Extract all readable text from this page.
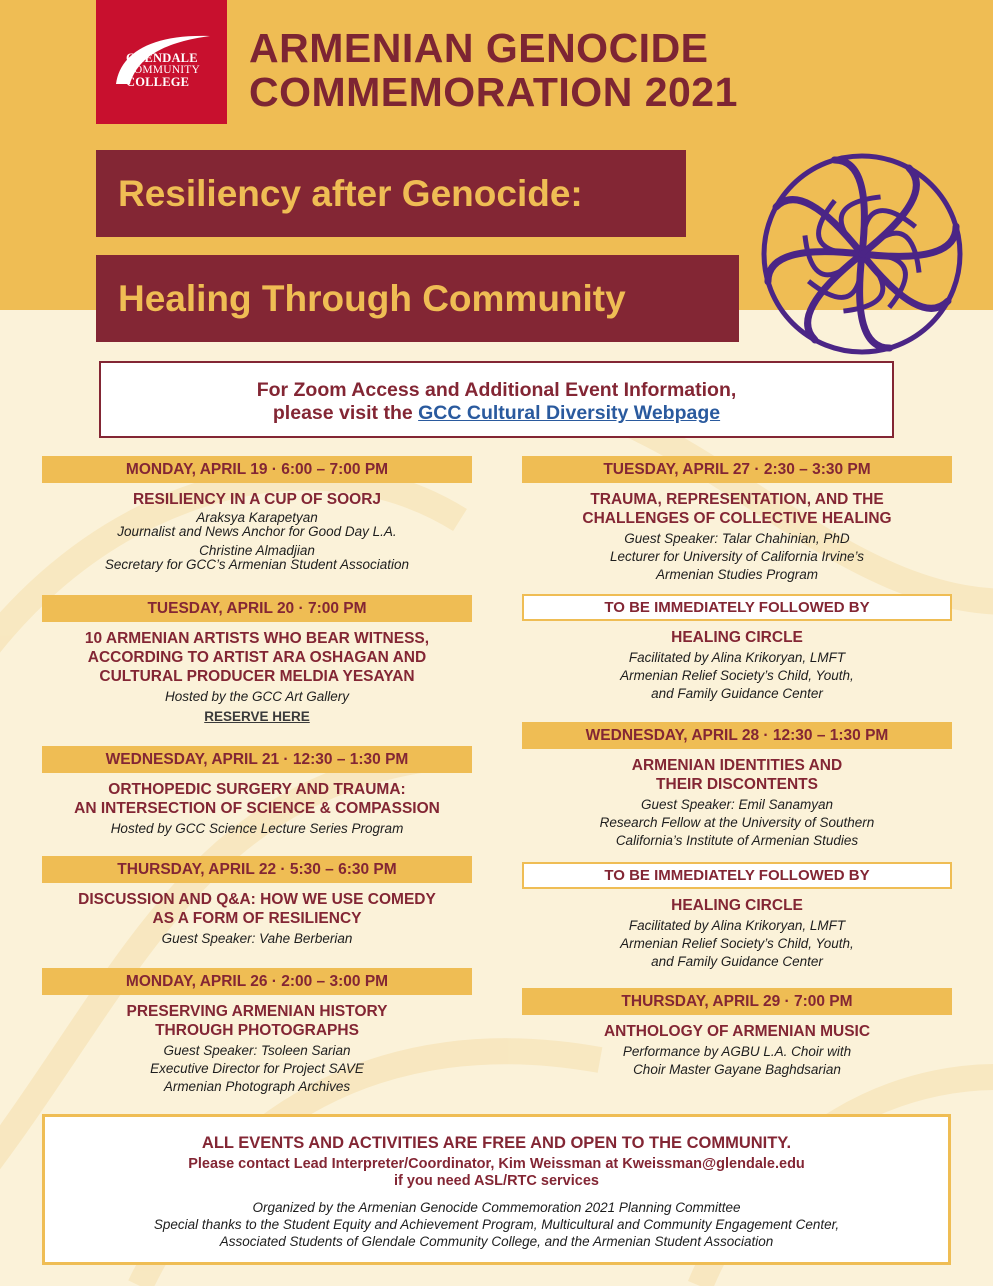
GLENDALE
COMMUNITY
COLLEGE
ARMENIAN GENOCIDE
COMMEMORATION 2021
Resiliency after Genocide:
Healing Through Community
For Zoom Access and Additional Event Information,
please visit the GCC Cultural Diversity Webpage
MONDAY, APRIL 19 · 6:00 – 7:00 PM
RESILIENCY IN A CUP OF SOORJ
Araksya Karapetyan
Journalist and News Anchor for Good Day L.A.
Christine Almadjian
Secretary for GCC’s Armenian Student Association
TUESDAY, APRIL 20 · 7:00 PM
10 ARMENIAN ARTISTS WHO BEAR WITNESS,
ACCORDING TO ARTIST ARA OSHAGAN AND
CULTURAL PRODUCER MELDIA YESAYAN
Hosted by the GCC Art Gallery
RESERVE HERE
WEDNESDAY, APRIL 21 · 12:30 – 1:30 PM
ORTHOPEDIC SURGERY AND TRAUMA:
AN INTERSECTION OF SCIENCE & COMPASSION
Hosted by GCC Science Lecture Series Program
THURSDAY, APRIL 22 · 5:30 – 6:30 PM
DISCUSSION AND Q&A: HOW WE USE COMEDY
AS A FORM OF RESILIENCY
Guest Speaker: Vahe Berberian
MONDAY, APRIL 26 · 2:00 – 3:00 PM
PRESERVING ARMENIAN HISTORY
THROUGH PHOTOGRAPHS
Guest Speaker: Tsoleen Sarian
Executive Director for Project SAVE
Armenian Photograph Archives
TUESDAY, APRIL 27 · 2:30 – 3:30 PM
TRAUMA, REPRESENTATION, AND THE
CHALLENGES OF COLLECTIVE HEALING
Guest Speaker: Talar Chahinian, PhD
Lecturer for University of California Irvine’s
Armenian Studies Program
TO BE IMMEDIATELY FOLLOWED BY
HEALING CIRCLE
Facilitated by Alina Krikoryan, LMFT
Armenian Relief Society’s Child, Youth,
and Family Guidance Center
WEDNESDAY, APRIL 28 · 12:30 – 1:30 PM
ARMENIAN IDENTITIES AND
THEIR DISCONTENTS
Guest Speaker: Emil Sanamyan
Research Fellow at the University of Southern
California’s Institute of Armenian Studies
TO BE IMMEDIATELY FOLLOWED BY
HEALING CIRCLE
Facilitated by Alina Krikoryan, LMFT
Armenian Relief Society’s Child, Youth,
and Family Guidance Center
THURSDAY, APRIL 29 · 7:00 PM
ANTHOLOGY OF ARMENIAN MUSIC
Performance by AGBU L.A. Choir with
Choir Master Gayane Baghdsarian
ALL EVENTS AND ACTIVITIES ARE FREE AND OPEN TO THE COMMUNITY.
Please contact Lead Interpreter/Coordinator, Kim Weissman at Kweissman@glendale.edu
if you need ASL/RTC services
Organized by the Armenian Genocide Commemoration 2021 Planning Committee
Special thanks to the Student Equity and Achievement Program, Multicultural and Community Engagement Center,
Associated Students of Glendale Community College, and the Armenian Student Association
